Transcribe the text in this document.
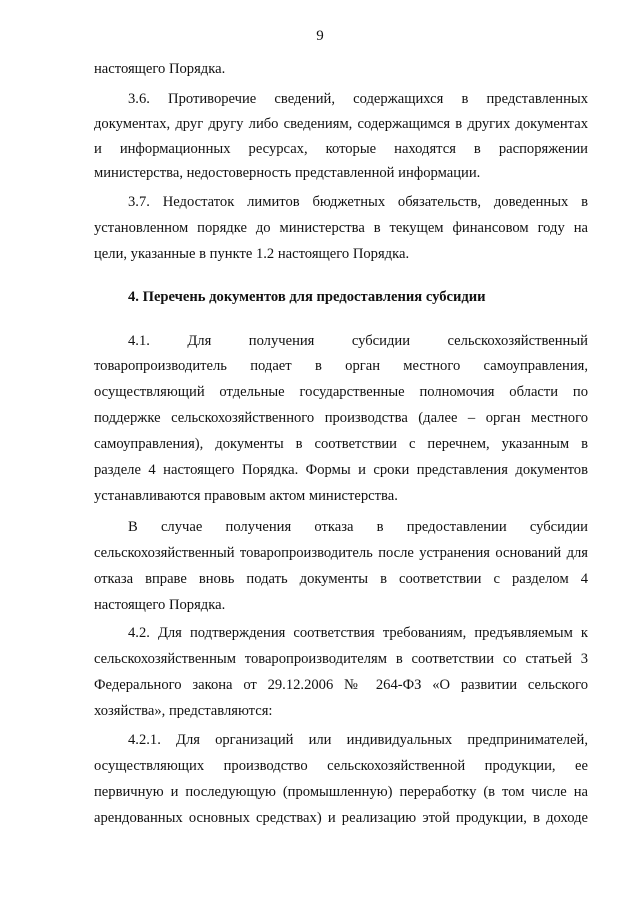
9
настоящего Порядка.
3.6. Противоречие сведений, содержащихся в представленных
документах, друг другу либо сведениям, содержащимся в других документах
и информационных ресурсах, которые находятся в распоряжении
министерства, недостоверность представленной информации.
3.7. Недостаток лимитов бюджетных обязательств, доведенных в
установленном порядке до министерства в текущем финансовом году на
цели, указанные в пункте 1.2 настоящего Порядка.
4. Перечень документов для предоставления субсидии
4.1. Для получения субсидии сельскохозяйственный
товаропроизводитель подает в орган местного самоуправления,
осуществляющий отдельные государственные полномочия области по
поддержке сельскохозяйственного производства (далее – орган местного
самоуправления), документы в соответствии с перечнем, указанным в
разделе 4 настоящего Порядка. Формы и сроки представления документов
устанавливаются правовым актом министерства.
В случае получения отказа в предоставлении субсидии
сельскохозяйственный товаропроизводитель после устранения оснований для
отказа вправе вновь подать документы в соответствии с разделом 4
настоящего Порядка.
4.2. Для подтверждения соответствия требованиям, предъявляемым к
сельскохозяйственным товаропроизводителям в соответствии со статьей 3
Федерального закона от 29.12.2006 № 264-ФЗ «О развитии сельского
хозяйства», представляются:
4.2.1. Для организаций или индивидуальных предпринимателей,
осуществляющих производство сельскохозяйственной продукции, ее
первичную и последующую (промышленную) переработку (в том числе на
арендованных основных средствах) и реализацию этой продукции, в доходе
